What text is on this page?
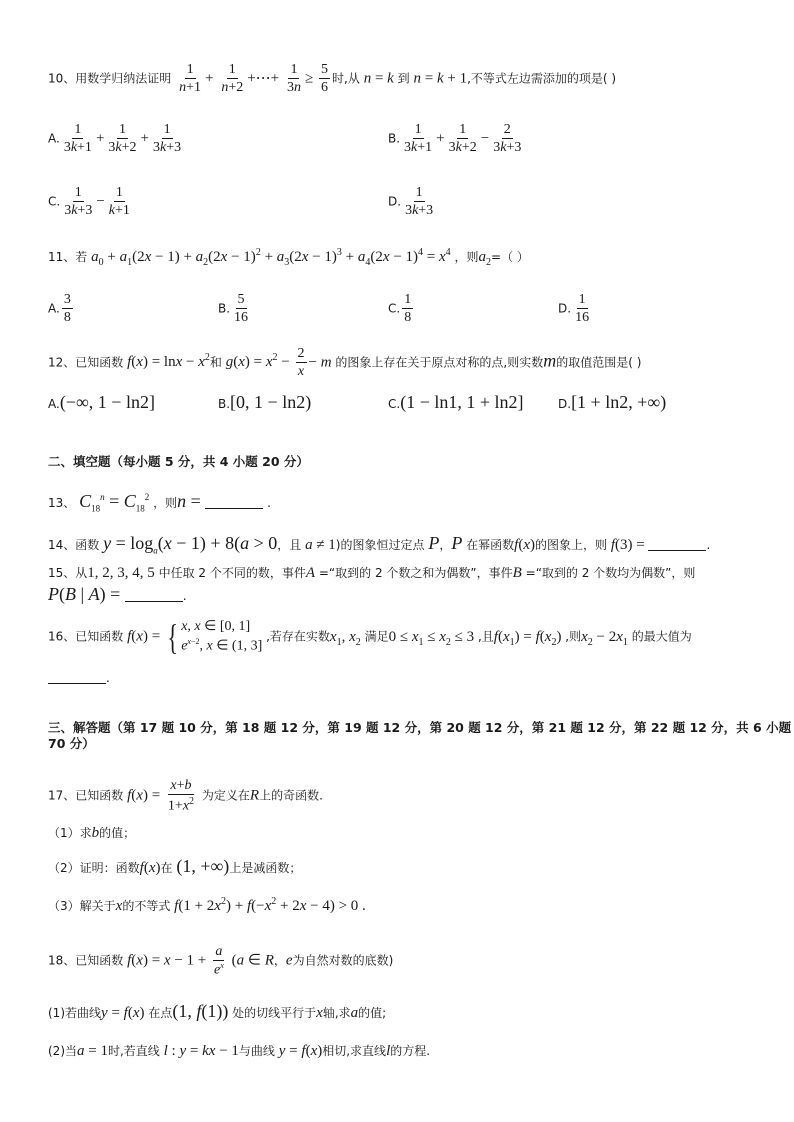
10、用数学归纳法证明 $\frac{1}{n+1} + \frac{1}{n+2}$ +⋯+ $\frac{1}{3n} \ge \frac{5}{6}$ 时,从 n = k 到 n = k + 1,不等式左边需添加的项是( )
A. $\frac{1}{3k+1} + \frac{1}{3k+2} + \frac{1}{3k+3}$	B. $\frac{1}{3k+1} + \frac{1}{3k+2} - \frac{2}{3k+3}$
C. $\frac{1}{3k+3} - \frac{1}{k+1}$	D. $\frac{1}{3k+3}$
11、若 $a_0 + a_1(2x - 1) + a_2(2x - 1)^2 + a_3(2x - 1)^3 + a_4(2x - 1)^4 = x^4$ ，则$a_2=$（ ）
A. $\frac{3}{8}$	B. $\frac{5}{16}$	C. $\frac{1}{8}$	D. $\frac{1}{16}$
12、已知函数 $f(x) = \ln x - x^2$和 $g(x) = x^2 - \frac{2}{x} - m$ 的图象上存在关于原点对称的点,则实数m的取值范围是( )
A.(−∞, 1 − ln2]	B.[0, 1 − ln2)	C.(1 − ln1, 1 + ln2]	D.[1 + ln2, +∞)
二、填空题（每小题 5 分，共 4 小题 20 分）
13、 $C_{18}^n = C_{18}^2$ ，则n =	.
14、函数 $y = \log_a(x - 1) + 8(a > 0$，且 a ≠ 1)的图象恒过定点 P，P 在幂函数f(x)的图象上，则 f(3) =	.
15、从1, 2, 3, 4, 5 中任取 2 个不同的数，事件A =“取到的 2 个数之和为偶数”，事件B =“取到的 2 个数均为偶数”，则
P(B | A) =	.
16、已知函数 f(x) = { x, x ∈ [0, 1]
$e^{x-2}$, x ∈ (1, 3]
,若存在实数$x_1$, $x_2$ 满足$0 \le x_1 \le x_2 \le 3$ ,且$f(x_1) = f(x_2)$ ,则$x_2 - 2x_1$ 的最大值为
.
三、解答题（第 17 题 10 分，第 18 题 12 分，第 19 题 12 分，第 20 题 12 分，第 21 题 12 分，第 22 题 12 分，共 6 小题
70 分）
17、已知函数 $f(x) = \frac{x+b}{1+x^2}$ 为定义在R上的奇函数.
（1）求b的值；
（2）证明：函数f(x)在 (1, +∞)上是减函数；
（3）解关于x的不等式 $f(1 + 2x^2) + f(-x^2 + 2x - 4) > 0$ .
18、已知函数 $f(x) = x - 1 + \frac{a}{e^x} (a$ ∈ R，e为自然对数的底数)
(1)若曲线y = f(x) 在点(1, f(1)) 处的切线平行于x轴,求a的值;
(2)当a = 1时,若直线 l : y = kx − 1与曲线 y = f(x)相切,求直线l的方程.
